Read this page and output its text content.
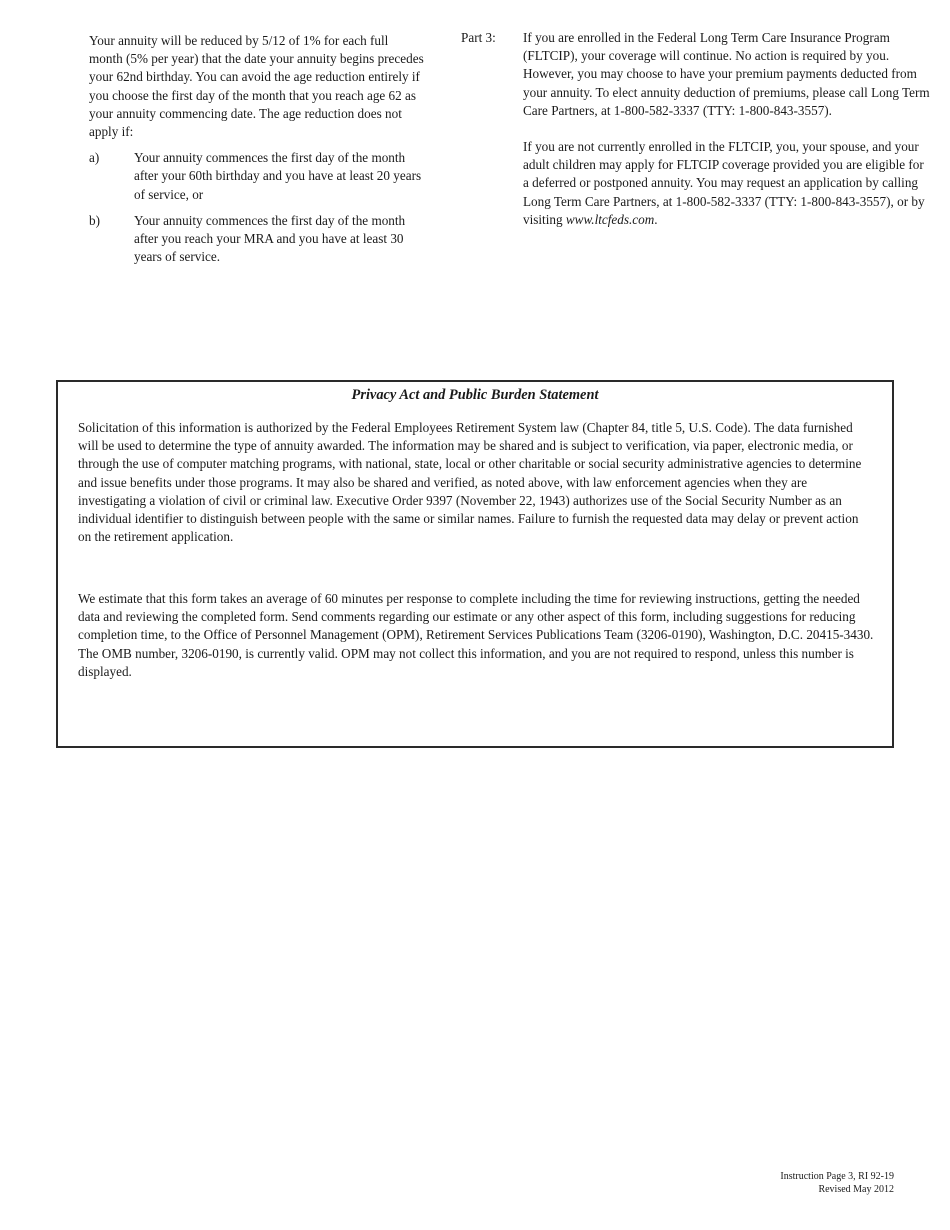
Your annuity will be reduced by 5/12 of 1% for each full month (5% per year) that the date your annuity begins precedes your 62nd birthday. You can avoid the age reduction entirely if you choose the first day of the month that you reach age 62 as your annuity commencing date. The age reduction does not apply if:

a)	Your annuity commences the first day of the month after your 60th birthday and you have at least 20 years of service, or
b)	Your annuity commences the first day of the month after you reach your MRA and you have at least 30 years of service.
Part 3: If you are enrolled in the Federal Long Term Care Insurance Program (FLTCIP), your coverage will continue. No action is required by you. However, you may choose to have your premium payments deducted from your annuity. To elect annuity deduction of premiums, please call Long Term Care Partners, at 1-800-582-3337 (TTY: 1-800-843-3557).

If you are not currently enrolled in the FLTCIP, you, your spouse, and your adult children may apply for FLTCIP coverage provided you are eligible for a deferred or postponed annuity. You may request an application by calling Long Term Care Partners, at 1-800-582-3337 (TTY: 1-800-843-3557), or by visiting www.ltcfeds.com.

Privacy Act and Public Burden Statement

Solicitation of this information is authorized by the Federal Employees Retirement System law (Chapter 84, title 5, U.S. Code). The data furnished will be used to determine the type of annuity awarded. The information may be shared and is subject to verification, via paper, electronic media, or through the use of computer matching programs, with national, state, local or other charitable or social security administrative agencies to determine and issue benefits under those programs. It may also be shared and verified, as noted above, with law enforcement agencies when they are investigating a violation of civil or criminal law. Executive Order 9397 (November 22, 1943) authorizes use of the Social Security Number as an individual identifier to distinguish between people with the same or similar names. Failure to furnish the requested data may delay or prevent action on the retirement application.

We estimate that this form takes an average of 60 minutes per response to complete including the time for reviewing instructions, getting the needed data and reviewing the completed form. Send comments regarding our estimate or any other aspect of this form, including suggestions for reducing completion time, to the Office of Personnel Management (OPM), Retirement Services Publications Team (3206-0190), Washington, D.C. 20415-3430. The OMB number, 3206-0190, is currently valid. OPM may not collect this information, and you are not required to respond, unless this number is displayed.

Instruction Page 3, RI 92-19
Revised May 2012
